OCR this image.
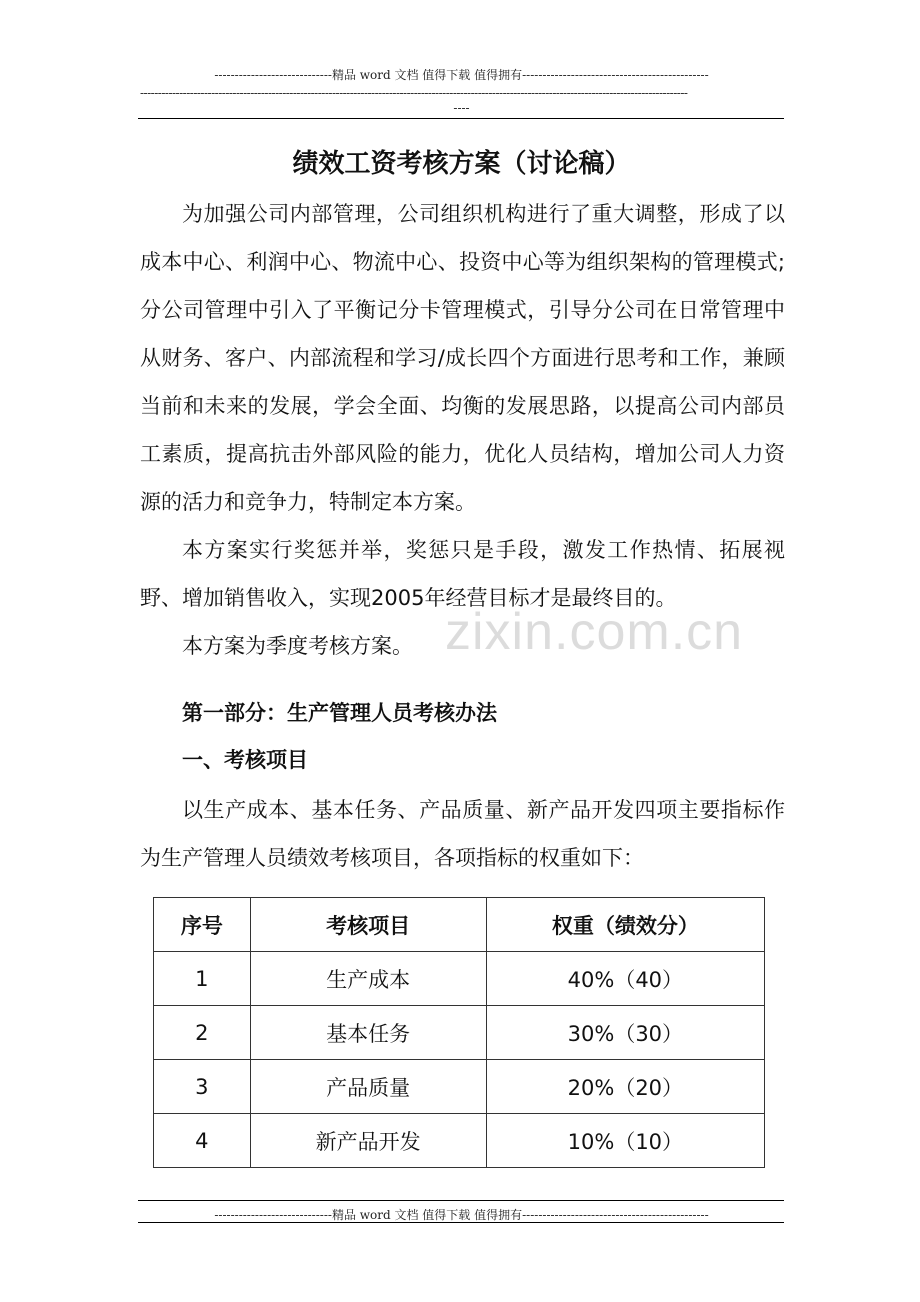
-----------------------------精品 word 文档 值得下载 值得拥有----------------------------------------------
----------------------------------------------------------------------------------------------------------------------------------------------------------
----
绩效工资考核方案（讨论稿）

为加强公司内部管理，公司组织机构进行了重大调整，形成了以成本中心、利润中心、物流中心、投资中心等为组织架构的管理模式;分公司管理中引入了平衡记分卡管理模式，引导分公司在日常管理中从财务、客户、内部流程和学习/成长四个方面进行思考和工作，兼顾当前和未来的发展，学会全面、均衡的发展思路，以提高公司内部员工素质，提高抗击外部风险的能力，优化人员结构，增加公司人力资源的活力和竞争力，特制定本方案。

本方案实行奖惩并举，奖惩只是手段，激发工作热情、拓展视野、增加销售收入，实现2005年经营目标才是最终目的。

本方案为季度考核方案。 zixin.com.cn
第一部分：生产管理人员考核办法
一、考核项目

以生产成本、基本任务、产品质量、新产品开发四项主要指标作为生产管理人员绩效考核项目，各项指标的权重如下：

序号	考核项目	权重（绩效分）
1	生产成本	40%（40）
2	基本任务	30%（30）
3	产品质量	20%（20）
4	新产品开发	10%（10）
-----------------------------精品 word 文档 值得下载 值得拥有----------------------------------------------
